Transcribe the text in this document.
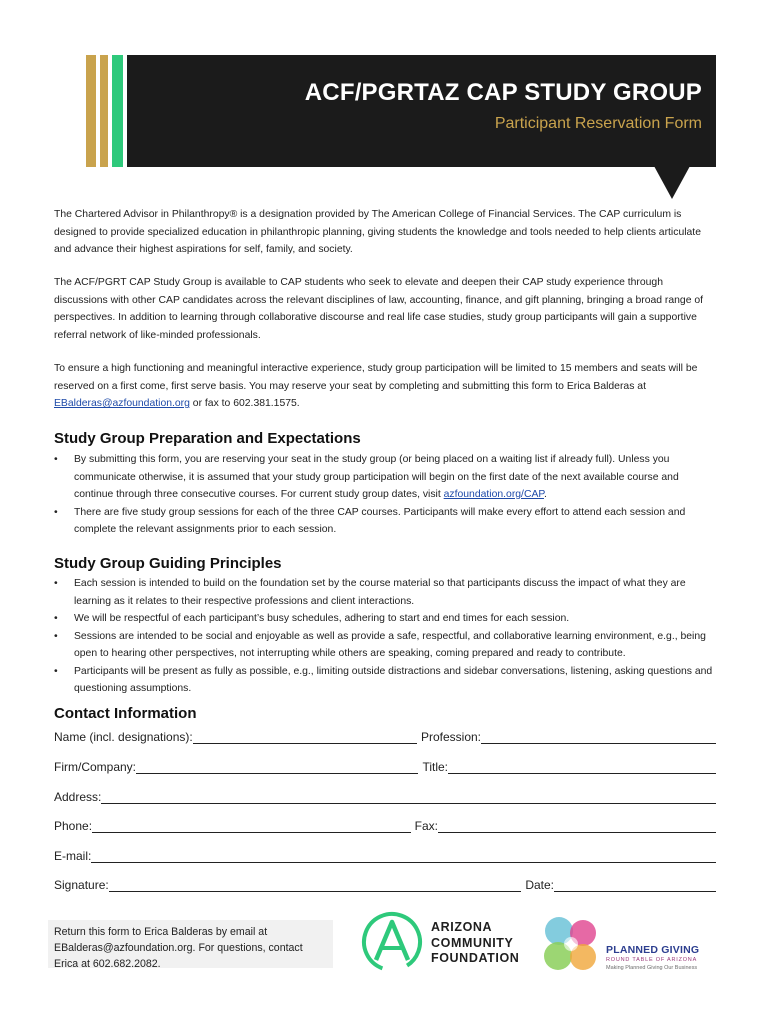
ACF/PGRTAZ CAP STUDY GROUP
Participant Reservation Form

The Chartered Advisor in Philanthropy® is a designation provided by The American College of Financial Services. The CAP curriculum is designed to provide specialized education in philanthropic planning, giving students the knowledge and tools needed to help clients articulate and advance their highest aspirations for self, family, and society.

The ACF/PGRT CAP Study Group is available to CAP students who seek to elevate and deepen their CAP study experience through discussions with other CAP candidates across the relevant disciplines of law, accounting, finance, and gift planning, bringing a broad range of perspectives. In addition to learning through collaborative discourse and real life case studies, study group participants will gain a supportive referral network of like-minded professionals.

To ensure a high functioning and meaningful interactive experience, study group participation will be limited to 15 members and seats will be reserved on a first come, first serve basis. You may reserve your seat by completing and submitting this form to Erica Balderas at EBalderas@azfoundation.org or fax to 602.381.1575.

Study Group Preparation and Expectations
• By submitting this form, you are reserving your seat in the study group (or being placed on a waiting list if already full). Unless you communicate otherwise, it is assumed that your study group participation will begin on the first date of the next available course and continue through three consecutive courses. For current study group dates, visit azfoundation.org/CAP.
• There are five study group sessions for each of the three CAP courses. Participants will make every effort to attend each session and complete the relevant assignments prior to each session.
Study Group Guiding Principles
• Each session is intended to build on the foundation set by the course material so that participants discuss the impact of what they are learning as it relates to their respective professions and client interactions.
• We will be respectful of each participant’s busy schedules, adhering to start and end times for each session.
• Sessions are intended to be social and enjoyable as well as provide a safe, respectful, and collaborative learning environment, e.g., being open to hearing other perspectives, not interrupting while others are speaking, coming prepared and ready to contribute.
• Participants will be present as fully as possible, e.g., limiting outside distractions and sidebar conversations, listening, asking questions and questioning assumptions.
Contact Information
Name (incl. designations):	Profession:
Firm/Company:	Title:
Address:
Phone:	Fax:
E-mail:
Signature:	Date:
Return this form to Erica Balderas by email at EBalderas@azfoundation.org. For questions, contact Erica at 602.682.2082.
ARIZONA
COMMUNITY
FOUNDATION
PLANNED GIVING
ROUND TABLE OF ARIZONA
Making Planned Giving Our Business
